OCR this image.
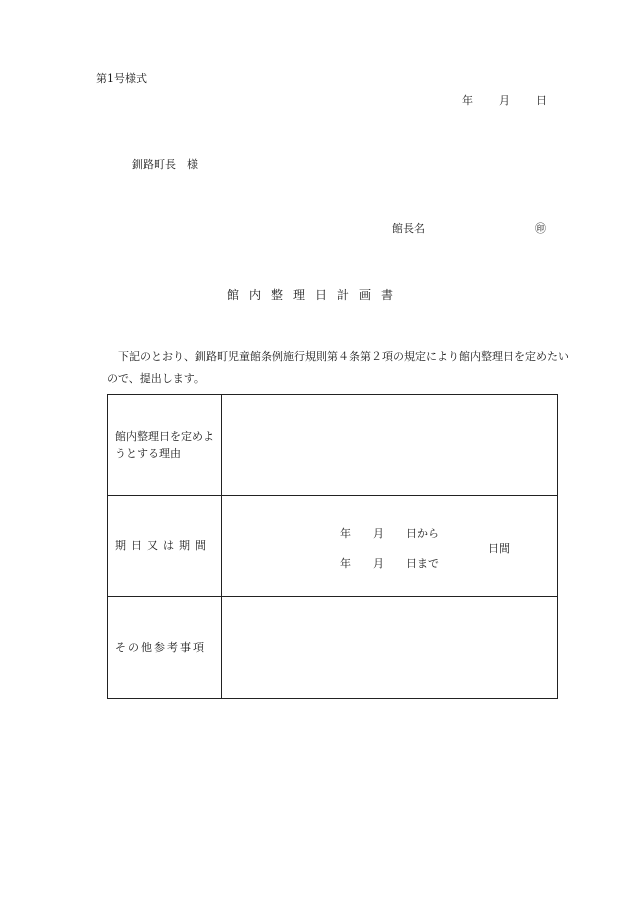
第1号様式
年 月 日
釧路町長　様
館長名	㊞
館内整理日計画書
下記のとおり、釧路町児童館条例施行規則第４条第２項の規定により館内整理日を定めたいので、提出します。
館内整理日を定めようとする理由	
期日又は期間	年　　月　　日から
年　　月　　日まで
日間

その他参考事項	
